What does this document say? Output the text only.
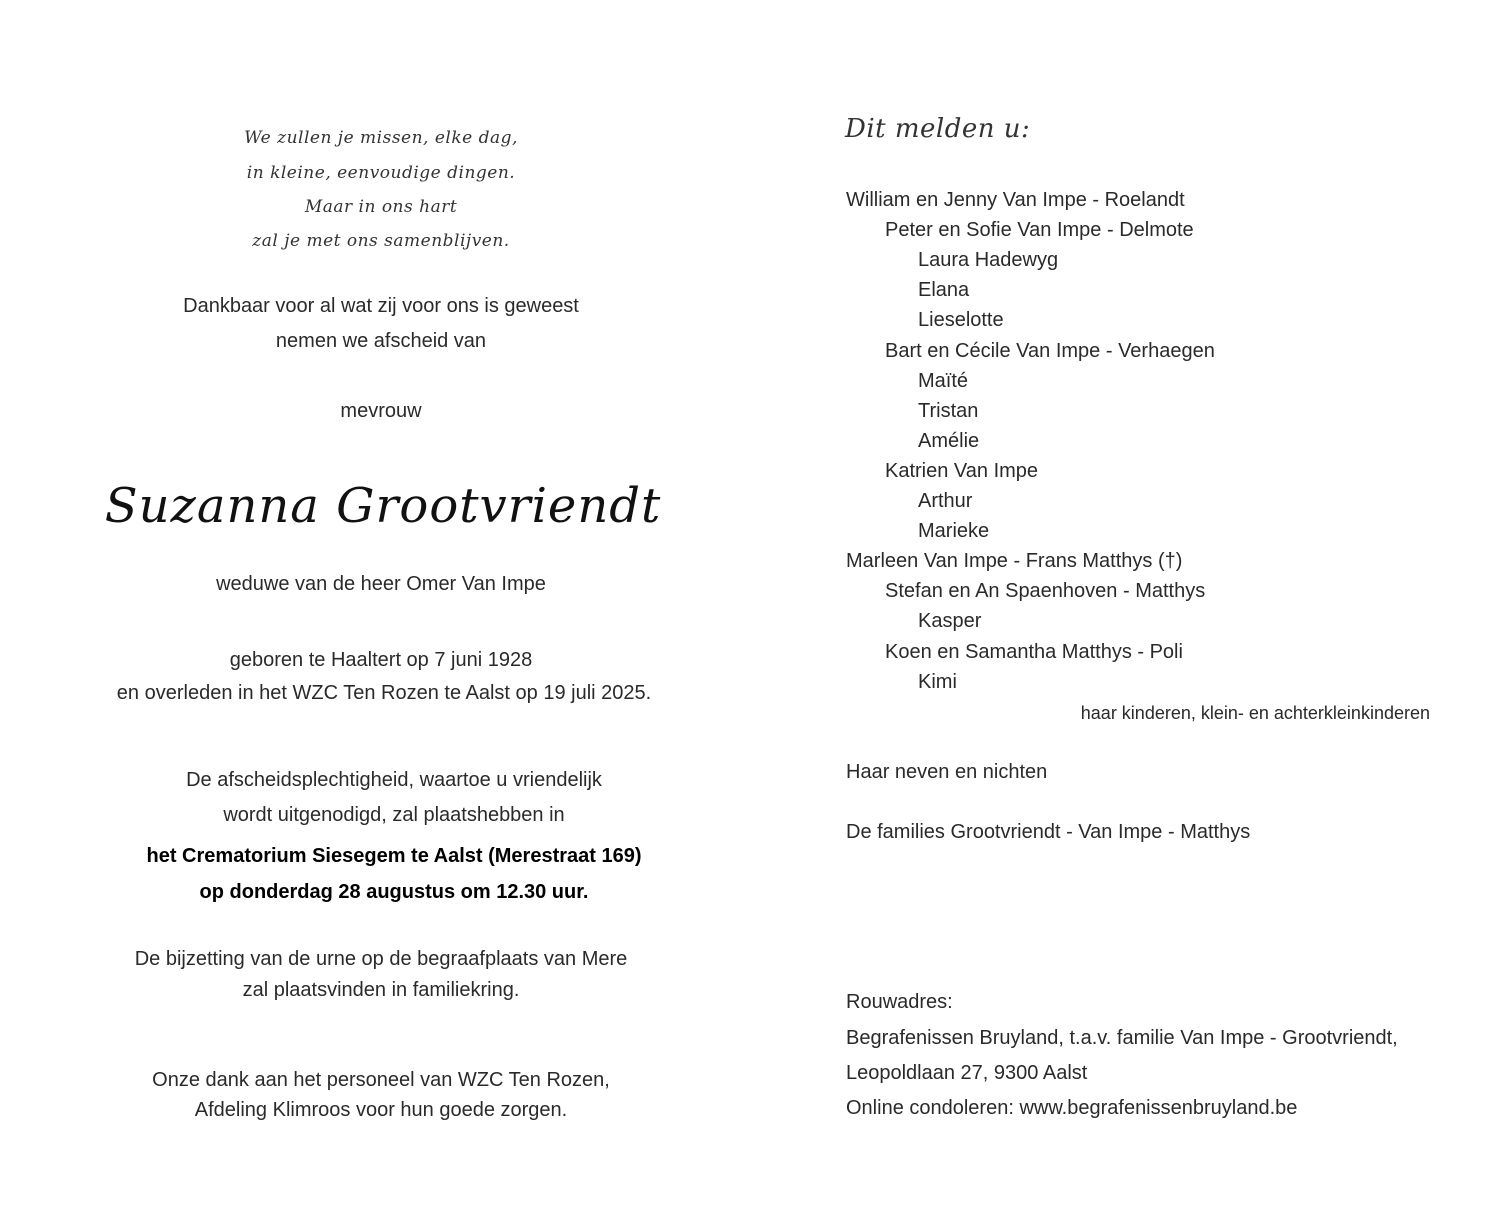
We zullen je missen, elke dag,
in kleine, eenvoudige dingen.
Maar in ons hart
zal je met ons samenblijven.
Dankbaar voor al wat zij voor ons is geweest
nemen we afscheid van
mevrouw
Suzanna Grootvriendt
weduwe van de heer Omer Van Impe
geboren te Haaltert op 7 juni 1928
en overleden in het WZC Ten Rozen te Aalst op 19 juli 2025.
De afscheidsplechtigheid, waartoe u vriendelijk
wordt uitgenodigd, zal plaatshebben in
het Crematorium Siesegem te Aalst (Merestraat 169)
op donderdag 28 augustus om 12.30 uur.
De bijzetting van de urne op de begraafplaats van Mere
zal plaatsvinden in familiekring.
Onze dank aan het personeel van WZC Ten Rozen,
Afdeling Klimroos voor hun goede zorgen.
Dit melden u:
William en Jenny Van Impe - Roelandt
Peter en Sofie Van Impe - Delmote
Laura Hadewyg
Elana
Lieselotte
Bart en Cécile Van Impe - Verhaegen
Maïté
Tristan
Amélie
Katrien Van Impe
Arthur
Marieke
Marleen Van Impe - Frans Matthys (†)
Stefan en An Spaenhoven - Matthys
Kasper
Koen en Samantha Matthys - Poli
Kimi
haar kinderen, klein- en achterkleinkinderen
Haar neven en nichten
De families Grootvriendt - Van Impe - Matthys
Rouwadres:
Begrafenissen Bruyland, t.a.v. familie Van Impe - Grootvriendt,
Leopoldlaan 27, 9300 Aalst
Online condoleren: www.begrafenissenbruyland.be
